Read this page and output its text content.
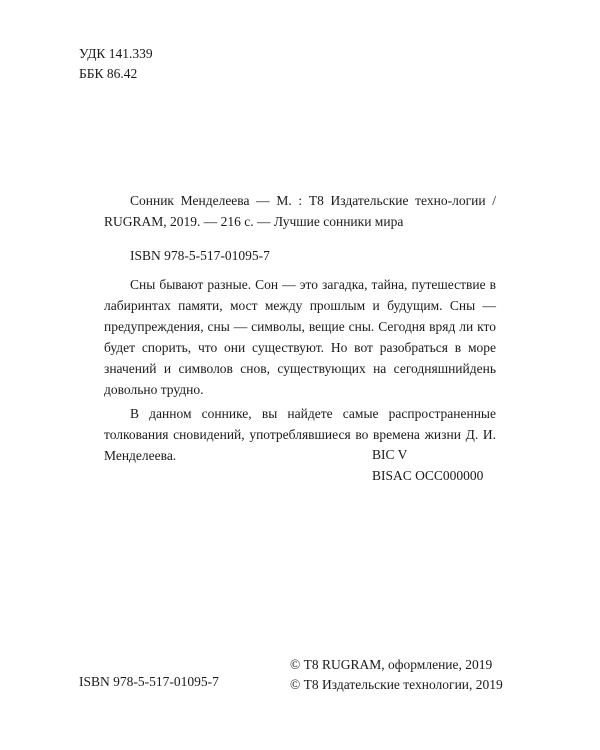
УДК 141.339
ББК 86.42
Сонник Менделеева — М. : Т8 Издательские техно-логии / RUGRAM, 2019. — 216 с. — Лучшие сонники мира
ISBN 978-5-517-01095-7

Сны бывают разные. Сон — это загадка, тайна, путешествие в лабиринтах памяти, мост между прошлым и будущим. Сны — предупреждения, сны — символы, вещие сны. Сегодня вряд ли кто будет спорить, что они существуют. Но вот разобраться в море значений и символов снов, существующих на сегодняшнийдень довольно трудно.

В данном соннике, вы найдете самые распространенные толкования сновидений, употреблявшиеся во времена жизни Д. И. Менделеева.	BIC V
BISAC OCC000000
ISBN 978-5-517-01095-7
© Т8 RUGRAM, оформление, 2019
© Т8 Издательские технологии, 2019
